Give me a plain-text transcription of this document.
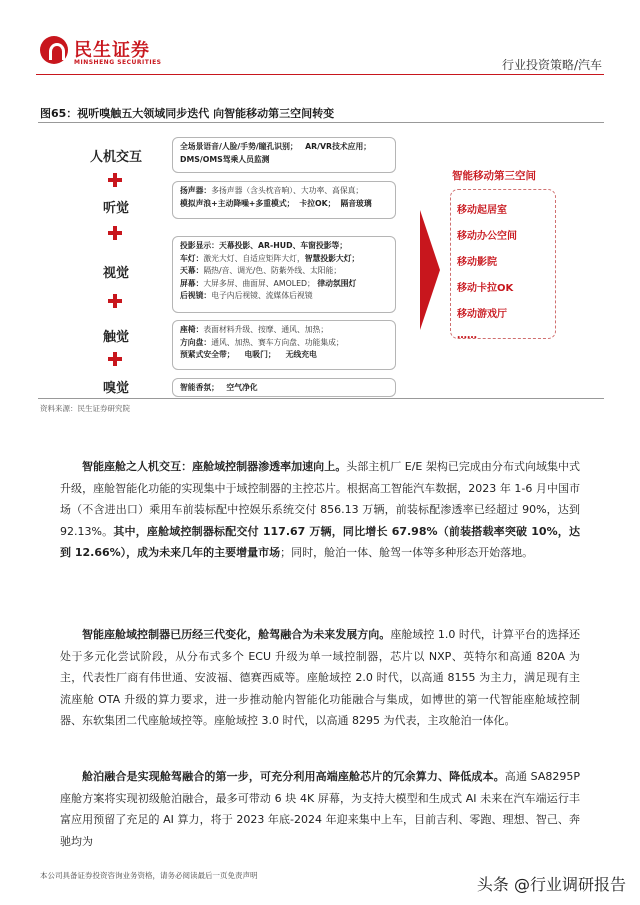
民生证券
MINSHENG SECURITIES	行业投资策略/汽车
图65：视听嗅触五大领域同步迭代 向智能移动第三空间转变
人机交互
听觉
视觉
触觉
嗅觉
全场景语音/人脸/手势/瞳孔识别； AR/VR技术应用；
DMS/OMS驾乘人员监测
扬声器：多扬声器（含头枕音响）、大功率、高保真；
模拟声浪+主动降噪+多重模式； 卡拉OK； 隔音玻璃
投影显示：天幕投影、AR-HUD、车窗投影等；
车灯：激光大灯、自适应矩阵大灯，智慧投影大灯；
天幕：隔热/音、调光/色、防紫外线、太阳能；
屏幕：大屏多屏、曲面屏、AMOLED； 律动氛围灯
后视镜：电子内后视镜、流媒体后视镜
座椅：表面材料升级、按摩、通风、加热；
方向盘：通风、加热、赛车方向盘、功能集成；
预紧式安全带； 电吸门； 无线充电
智能香氛； 空气净化
智能移动第三空间
移动起居室
移动办公空间
移动影院
移动卡拉OK
移动游戏厅
……
资料来源：民生证券研究院
智能座舱之人机交互：座舱域控制器渗透率加速向上。头部主机厂 E/E 架构已完成由分布式向域集中式升级，座舱智能化功能的实现集中于域控制器的主控芯片。根据高工智能汽车数据，2023 年 1-6 月中国市场（不含进出口）乘用车前装标配中控娱乐系统交付 856.13 万辆，前装标配渗透率已经超过 90%，达到 92.13%。其中，座舱域控制器标配交付 117.67 万辆，同比增长 67.98%（前装搭载率突破 10%，达到 12.66%），成为未来几年的主要增量市场；同时，舱泊一体、舱驾一体等多种形态开始落地。
智能座舱域控制器已历经三代变化，舱驾融合为未来发展方向。座舱域控 1.0 时代，计算平台的选择还处于多元化尝试阶段，从分布式多个 ECU 升级为单一域控制器，芯片以 NXP、英特尔和高通 820A 为主，代表性厂商有伟世通、安波福、德赛西威等。座舱域控 2.0 时代，以高通 8155 为主力，满足现有主流座舱 OTA 升级的算力要求，进一步推动舱内智能化功能融合与集成，如博世的第一代智能座舱域控制器、东软集团二代座舱域控等。座舱域控 3.0 时代，以高通 8295 为代表，主攻舱泊一体化。
舱泊融合是实现舱驾融合的第一步，可充分利用高端座舱芯片的冗余算力、降低成本。高通 SA8295P 座舱方案将实现初级舱泊融合，最多可带动 6 块 4K 屏幕，为支持大模型和生成式 AI 未来在汽车端运行丰富应用预留了充足的 AI 算力，将于 2023 年底-2024 年迎来集中上车，目前吉利、零跑、理想、智己、奔驰均为
本公司具备证券投资咨询业务资格，请务必阅读最后一页免责声明	头条 @行业调研报告
